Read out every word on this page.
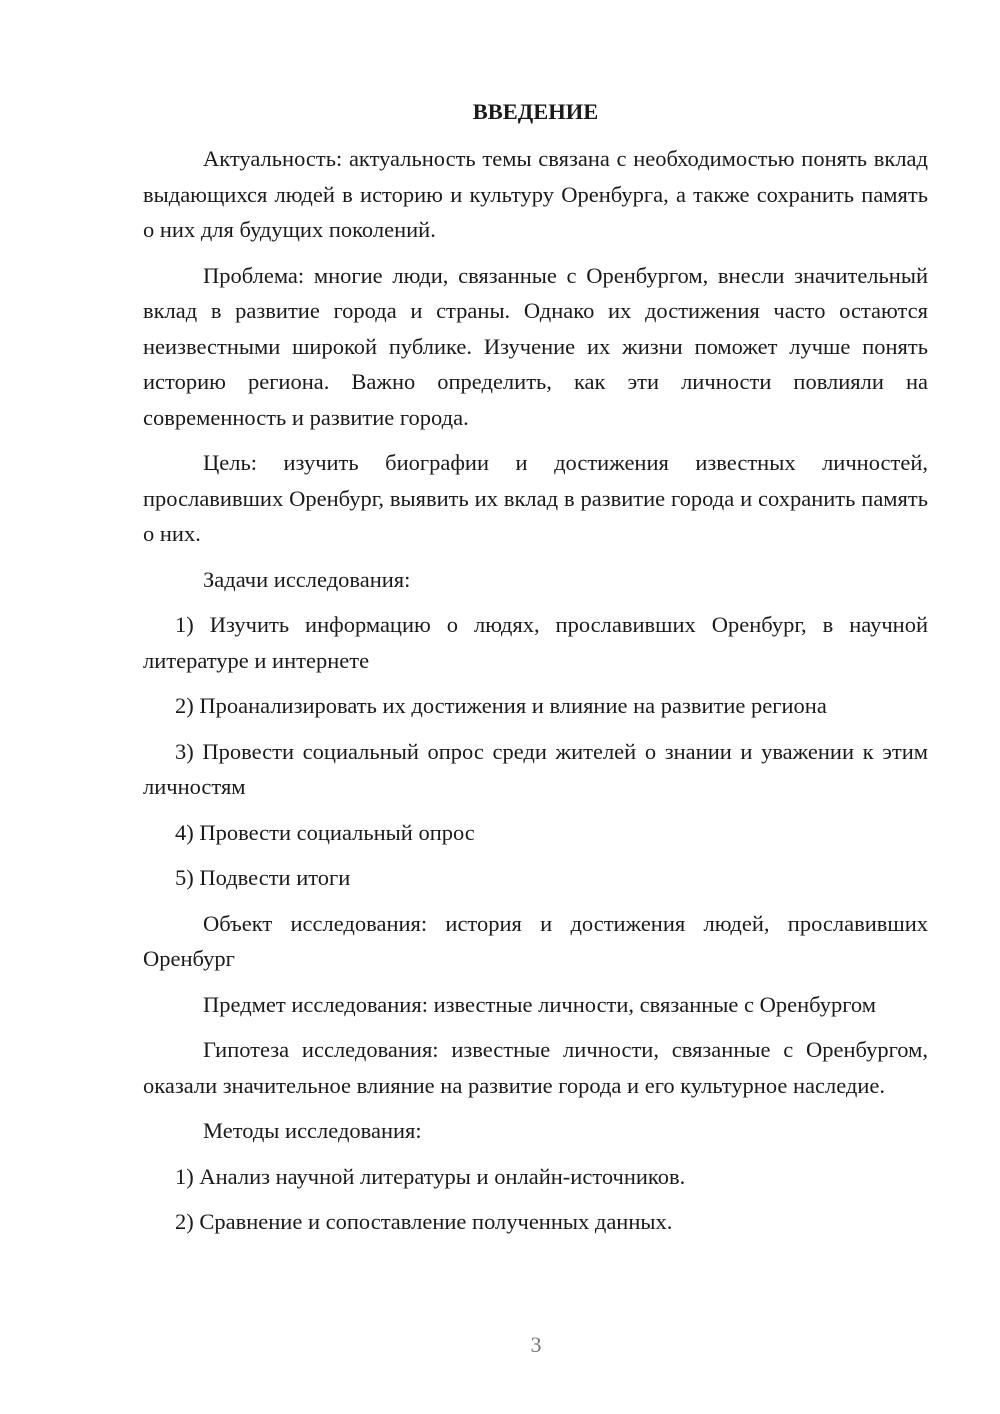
ВВЕДЕНИЕ

Актуальность: актуальность темы связана с необходимостью понять вклад выдающихся людей в историю и культуру Оренбурга, а также сохранить память о них для будущих поколений.

Проблема: многие люди, связанные с Оренбургом, внесли значительный вклад в развитие города и страны. Однако их достижения часто остаются неизвестными широкой публике. Изучение их жизни поможет лучше понять историю региона. Важно определить, как эти личности повлияли на современность и развитие города.

Цель: изучить биографии и достижения известных личностей, прославивших Оренбург, выявить их вклад в развитие города и сохранить память о них.

Задачи исследования:

1) Изучить информацию о людях, прославивших Оренбург, в научной литературе и интернете

2) Проанализировать их достижения и влияние на развитие региона

3) Провести социальный опрос среди жителей о знании и уважении к этим личностям

4) Провести социальный опрос

5) Подвести итоги

Объект исследования: история и достижения людей, прославивших Оренбург

Предмет исследования: известные личности, связанные с Оренбургом

Гипотеза исследования: известные личности, связанные с Оренбургом, оказали значительное влияние на развитие города и его культурное наследие.

Методы исследования:

1) Анализ научной литературы и онлайн-источников.

2) Сравнение и сопоставление полученных данных.

3
